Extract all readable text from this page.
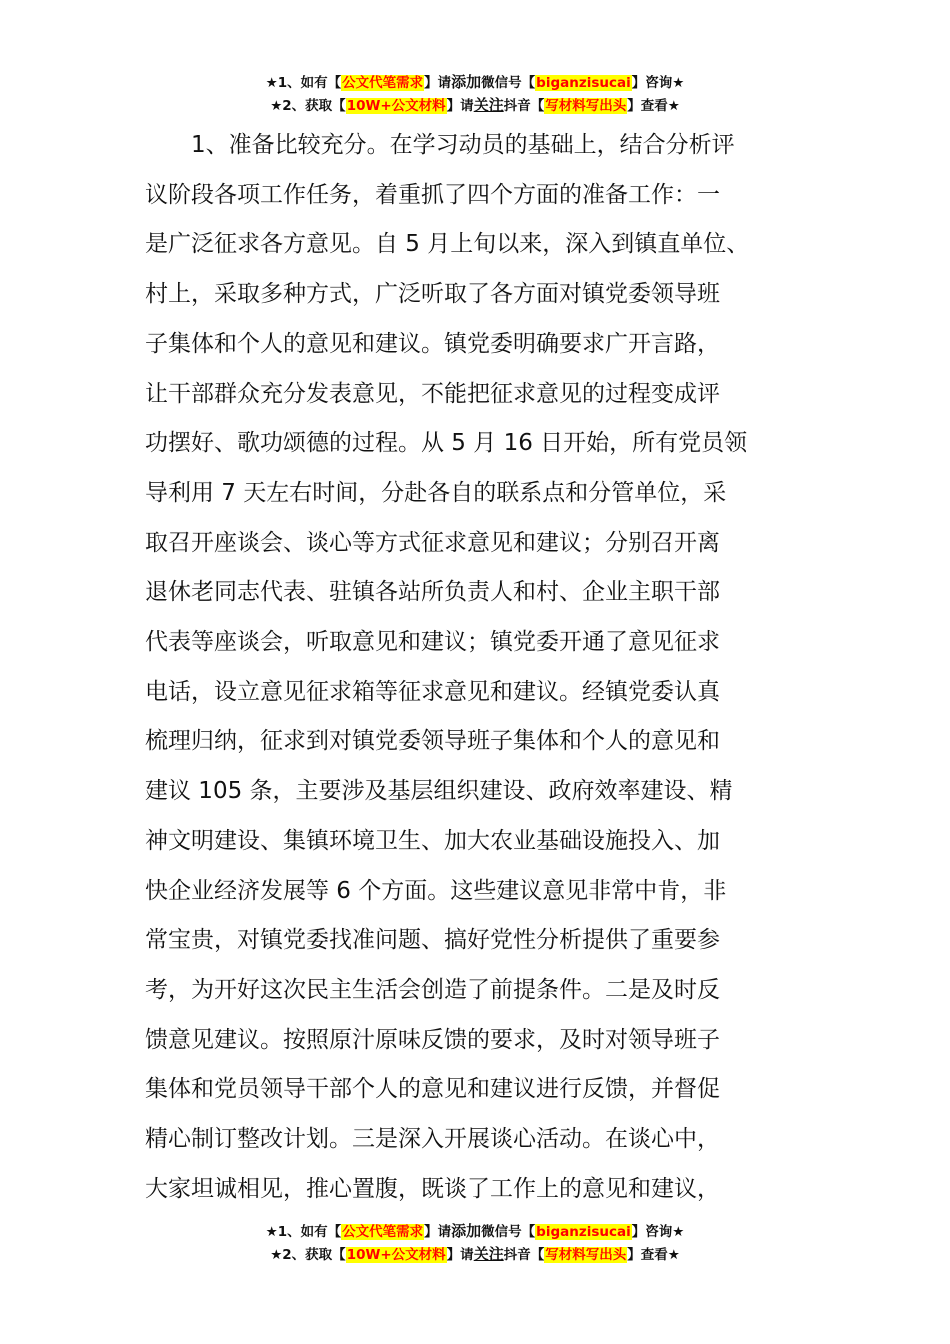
★1、如有【公文代笔需求】请添加微信号【biganzisucai】咨询★
★2、获取【10W+公文材料】请关注抖音【写材料写出头】查看★
　　1、准备比较充分。在学习动员的基础上，结合分析评
议阶段各项工作任务，着重抓了四个方面的准备工作：一
是广泛征求各方意见。自 5 月上旬以来，深入到镇直单位、
村上，采取多种方式，广泛听取了各方面对镇党委领导班
子集体和个人的意见和建议。镇党委明确要求广开言路，
让干部群众充分发表意见，不能把征求意见的过程变成评
功摆好、歌功颂德的过程。从 5 月 16 日开始，所有党员领
导利用 7 天左右时间，分赴各自的联系点和分管单位，采
取召开座谈会、谈心等方式征求意见和建议；分别召开离
退休老同志代表、驻镇各站所负责人和村、企业主职干部
代表等座谈会，听取意见和建议；镇党委开通了意见征求
电话，设立意见征求箱等征求意见和建议。经镇党委认真
梳理归纳，征求到对镇党委领导班子集体和个人的意见和
建议 105 条，主要涉及基层组织建设、政府效率建设、精
神文明建设、集镇环境卫生、加大农业基础设施投入、加
快企业经济发展等 6 个方面。这些建议意见非常中肯，非
常宝贵，对镇党委找准问题、搞好党性分析提供了重要参
考，为开好这次民主生活会创造了前提条件。二是及时反
馈意见建议。按照原汁原味反馈的要求，及时对领导班子
集体和党员领导干部个人的意见和建议进行反馈，并督促
精心制订整改计划。三是深入开展谈心活动。在谈心中，
大家坦诚相见，推心置腹，既谈了工作上的意见和建议，
★1、如有【公文代笔需求】请添加微信号【biganzisucai】咨询★
★2、获取【10W+公文材料】请关注抖音【写材料写出头】查看★
